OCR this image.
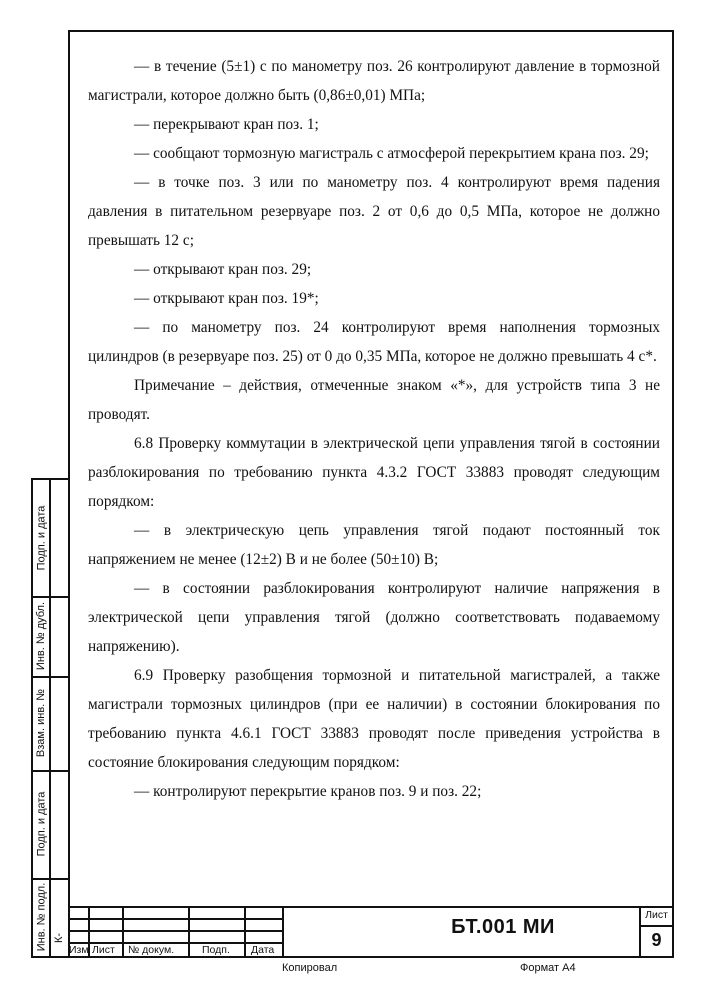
Подп. и дата
Инв. № дубл.
Взам. инв. №
Подп. и дата
Инв. № подл. К-

— в течение (5±1) с по манометру поз. 26 контролируют давление в тормозной магистрали, которое должно быть (0,86±0,01) МПа;

— перекрывают кран поз. 1;

— сообщают тормозную магистраль с атмосферой перекрытием крана поз. 29;

— в точке поз. 3 или по манометру поз. 4 контролируют время падения давления в питательном резервуаре поз. 2 от 0,6 до 0,5 МПа, которое не должно превышать 12 с;

— открывают кран поз. 29;

— открывают кран поз. 19*;

— по манометру поз. 24 контролируют время наполнения тормозных цилиндров (в резервуаре поз. 25) от 0 до 0,35 МПа, которое не должно превышать 4 с*.

Примечание – действия, отмеченные знаком «*», для устройств типа 3 не проводят.

6.8 Проверку коммутации в электрической цепи управления тягой в состоянии разблокирования по требованию пункта 4.3.2 ГОСТ 33883 проводят следующим порядком:

— в электрическую цепь управления тягой подают постоянный ток напряжением не менее (12±2) В и не более (50±10) В;

— в состоянии разблокирования контролируют наличие напряжения в электрической цепи управления тягой (должно соответствовать подаваемому напряжению).

6.9 Проверку разобщения тормозной и питательной магистралей, а также магистрали тормозных цилиндров (при ее наличии) в состоянии блокирования по требованию пункта 4.6.1 ГОСТ 33883 проводят после приведения устройства в состояние блокирования следующим порядком:

— контролируют перекрытие кранов поз. 9 и поз. 22;

Изм Лист № докум.	Подп. Дата
БТ.001 МИ
Лист
9
Копировал	Формат А4
